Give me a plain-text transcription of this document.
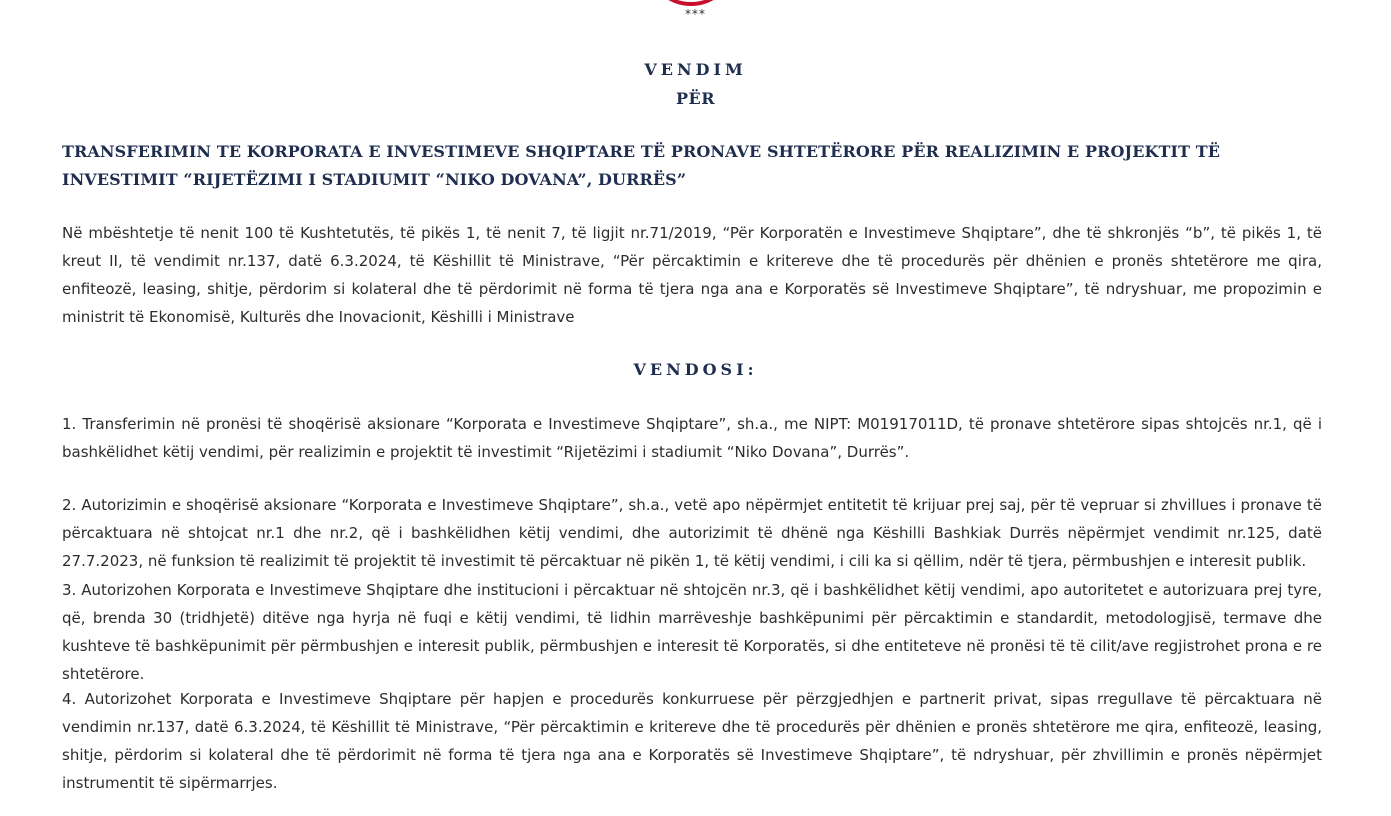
***
VENDIM
PËR
TRANSFERIMIN TE KORPORATA E INVESTIMEVE SHQIPTARE TË PRONAVE SHTETËRORE PËR REALIZIMIN E PROJEKTIT TË INVESTIMIT “RIJETËZIMI I STADIUMIT “NIKO DOVANA”, DURRËS”
Në mbështetje të nenit 100 të Kushtetutës, të pikës 1, të nenit 7, të ligjit nr.71/2019, “Për Korporatën e Investimeve Shqiptare”, dhe të shkronjës “b”, të pikës 1, të kreut II, të vendimit nr.137, datë 6.3.2024, të Këshillit të Ministrave, “Për përcaktimin e kritereve dhe të procedurës për dhënien e pronës shtetërore me qira, enfiteozë, leasing, shitje, përdorim si kolateral dhe të përdorimit në forma të tjera nga ana e Korporatës së Investimeve Shqiptare”, të ndryshuar, me propozimin e ministrit të Ekonomisë, Kulturës dhe Inovacionit, Këshilli i Ministrave
VENDOSI:
1. Transferimin në pronësi të shoqërisë aksionare “Korporata e Investimeve Shqiptare”, sh.a., me NIPT: M01917011D, të pronave shtetërore sipas shtojcës nr.1, që i bashkëlidhet këtij vendimi, për realizimin e projektit të investimit “Rijetëzimi i stadiumit “Niko Dovana”, Durrës”.
2. Autorizimin e shoqërisë aksionare “Korporata e Investimeve Shqiptare”, sh.a., vetë apo nëpërmjet entitetit të krijuar prej saj, për të vepruar si zhvillues i pronave të përcaktuara në shtojcat nr.1 dhe nr.2, që i bashkëlidhen këtij vendimi, dhe autorizimit të dhënë nga Këshilli Bashkiak Durrës nëpërmjet vendimit nr.125, datë 27.7.2023, në funksion të realizimit të projektit të investimit të përcaktuar në pikën 1, të këtij vendimi, i cili ka si qëllim, ndër të tjera, përmbushjen e interesit publik.
3. Autorizohen Korporata e Investimeve Shqiptare dhe institucioni i përcaktuar në shtojcën nr.3, që i bashkëlidhet këtij vendimi, apo autoritetet e autorizuara prej tyre, që, brenda 30 (tridhjetë) ditëve nga hyrja në fuqi e këtij vendimi, të lidhin marrëveshje bashkëpunimi për përcaktimin e standardit, metodologjisë, termave dhe kushteve të bashkëpunimit për përmbushjen e interesit publik, përmbushjen e interesit të Korporatës, si dhe entiteteve në pronësi të të cilit/ave regjistrohet prona e re shtetërore.
4. Autorizohet Korporata e Investimeve Shqiptare për hapjen e procedurës konkurruese për përzgjedhjen e partnerit privat, sipas rregullave të përcaktuara në vendimin nr.137, datë 6.3.2024, të Këshillit të Ministrave, “Për përcaktimin e kritereve dhe të procedurës për dhënien e pronës shtetërore me qira, enfiteozë, leasing, shitje, përdorim si kolateral dhe të përdorimit në forma të tjera nga ana e Korporatës së Investimeve Shqiptare”, të ndryshuar, për zhvillimin e pronës nëpërmjet instrumentit të sipërmarrjes.
